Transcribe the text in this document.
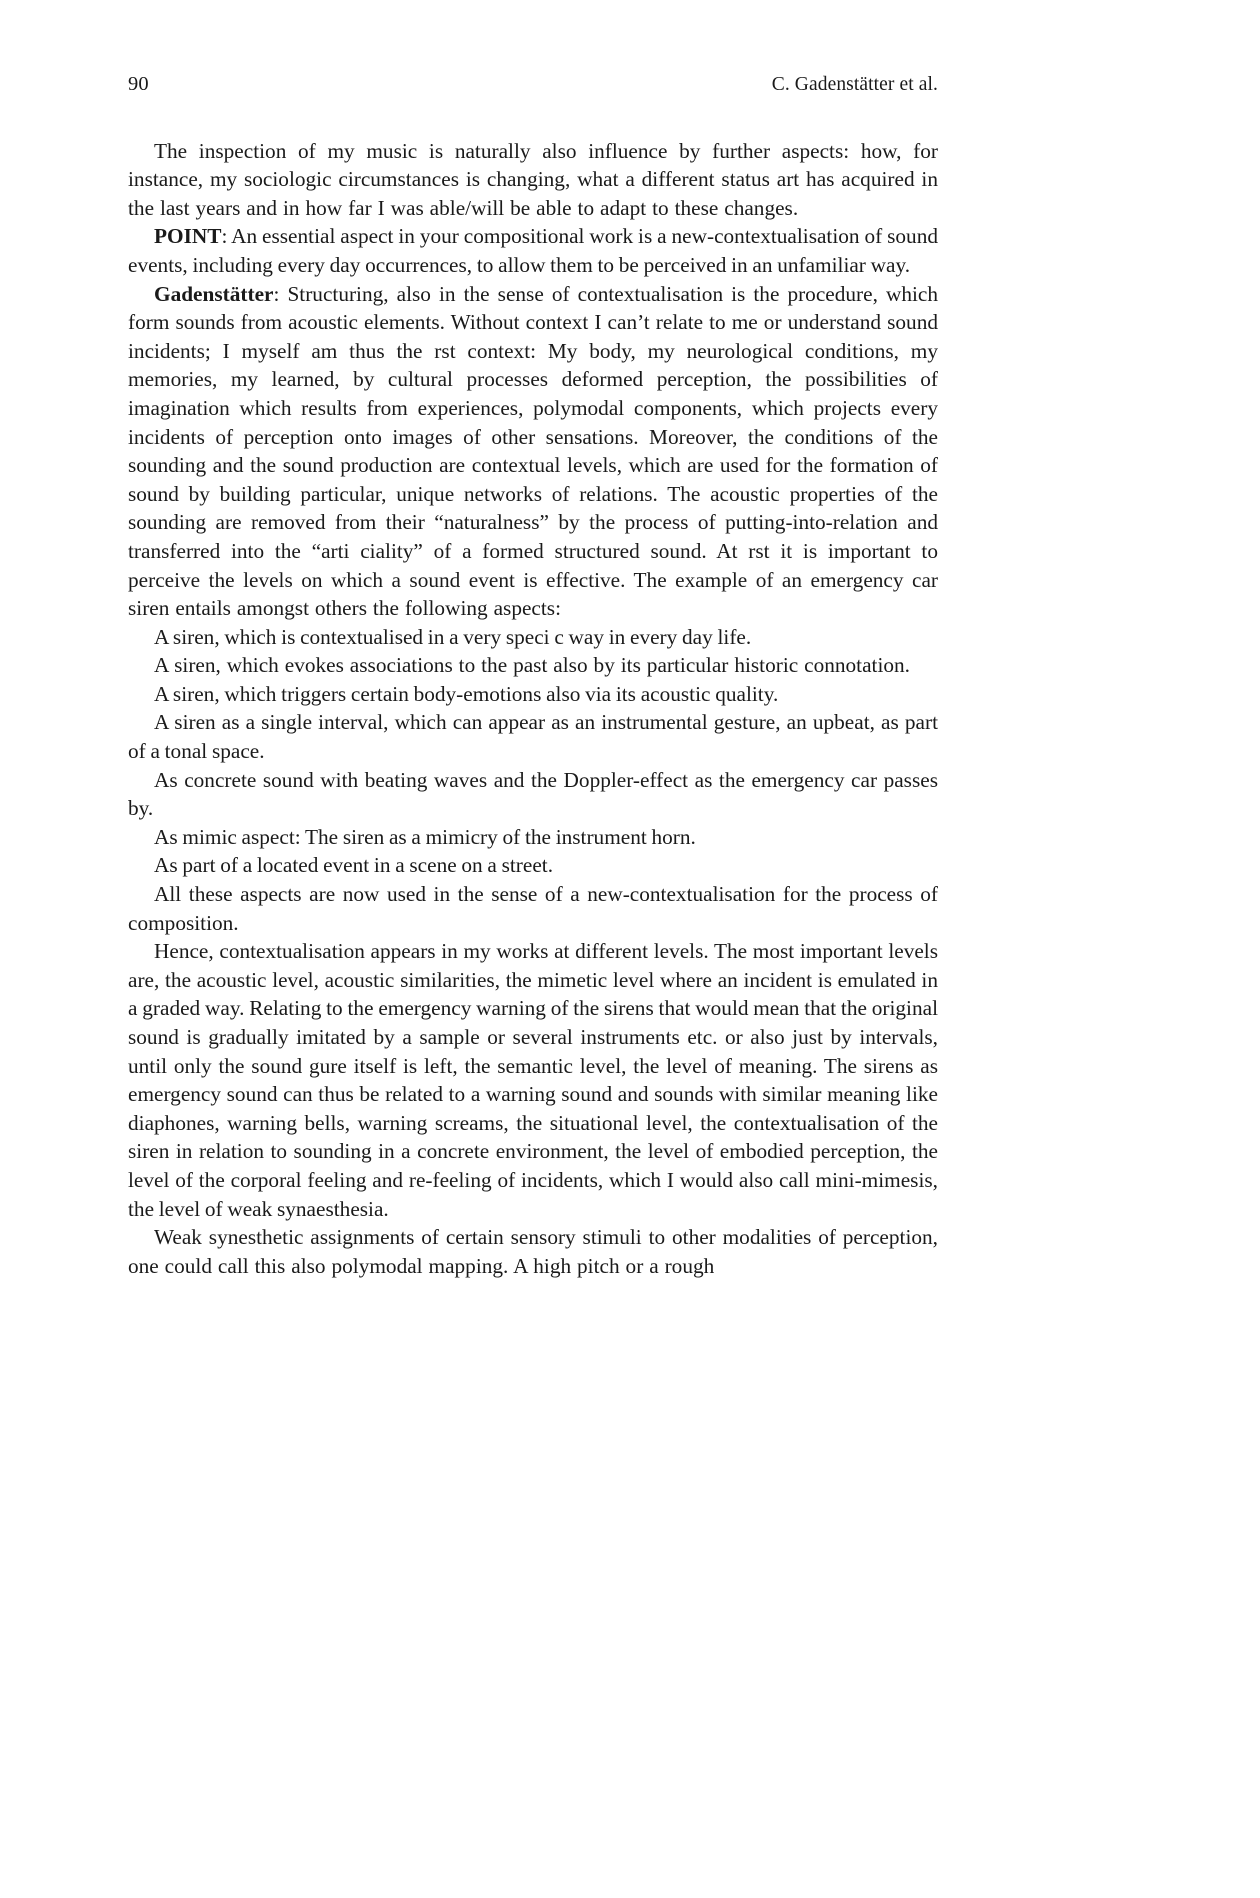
90	C. Gadenstätter et al.

The inspection of my music is naturally also influence by further aspects: how, for instance, my sociologic circumstances is changing, what a different status art has acquired in the last years and in how far I was able/will be able to adapt to these changes.

POINT: An essential aspect in your compositional work is a new-contextualisation of sound events, including every day occurrences, to allow them to be perceived in an unfamiliar way.

Gadenstätter: Structuring, also in the sense of contextualisation is the procedure, which form sounds from acoustic elements. Without context I can’t relate to me or understand sound incidents; I myself am thus the rst context: My body, my neurological conditions, my memories, my learned, by cultural processes deformed perception, the possibilities of imagination which results from experiences, polymodal components, which projects every incidents of perception onto images of other sensations. Moreover, the conditions of the sounding and the sound production are contextual levels, which are used for the formation of sound by building particular, unique networks of relations. The acoustic properties of the sounding are removed from their “naturalness” by the process of putting-into-relation and transferred into the “arti ciality” of a formed structured sound. At rst it is important to perceive the levels on which a sound event is effective. The example of an emergency car siren entails amongst others the following aspects:

A siren, which is contextualised in a very speci c way in every day life.

A siren, which evokes associations to the past also by its particular historic connotation.

A siren, which triggers certain body-emotions also via its acoustic quality.

A siren as a single interval, which can appear as an instrumental gesture, an upbeat, as part of a tonal space.

As concrete sound with beating waves and the Doppler-effect as the emergency car passes by.

As mimic aspect: The siren as a mimicry of the instrument horn.

As part of a located event in a scene on a street.

All these aspects are now used in the sense of a new-contextualisation for the process of composition.

Hence, contextualisation appears in my works at different levels. The most important levels are, the acoustic level, acoustic similarities, the mimetic level where an incident is emulated in a graded way. Relating to the emergency warning of the sirens that would mean that the original sound is gradually imitated by a sample or several instruments etc. or also just by intervals, until only the sound gure itself is left, the semantic level, the level of meaning. The sirens as emergency sound can thus be related to a warning sound and sounds with similar meaning like diaphones, warning bells, warning screams, the situational level, the contextualisation of the siren in relation to sounding in a concrete environment, the level of embodied perception, the level of the corporal feeling and re-feeling of incidents, which I would also call mini-mimesis, the level of weak synaesthesia.

Weak synesthetic assignments of certain sensory stimuli to other modalities of perception, one could call this also polymodal mapping. A high pitch or a rough
